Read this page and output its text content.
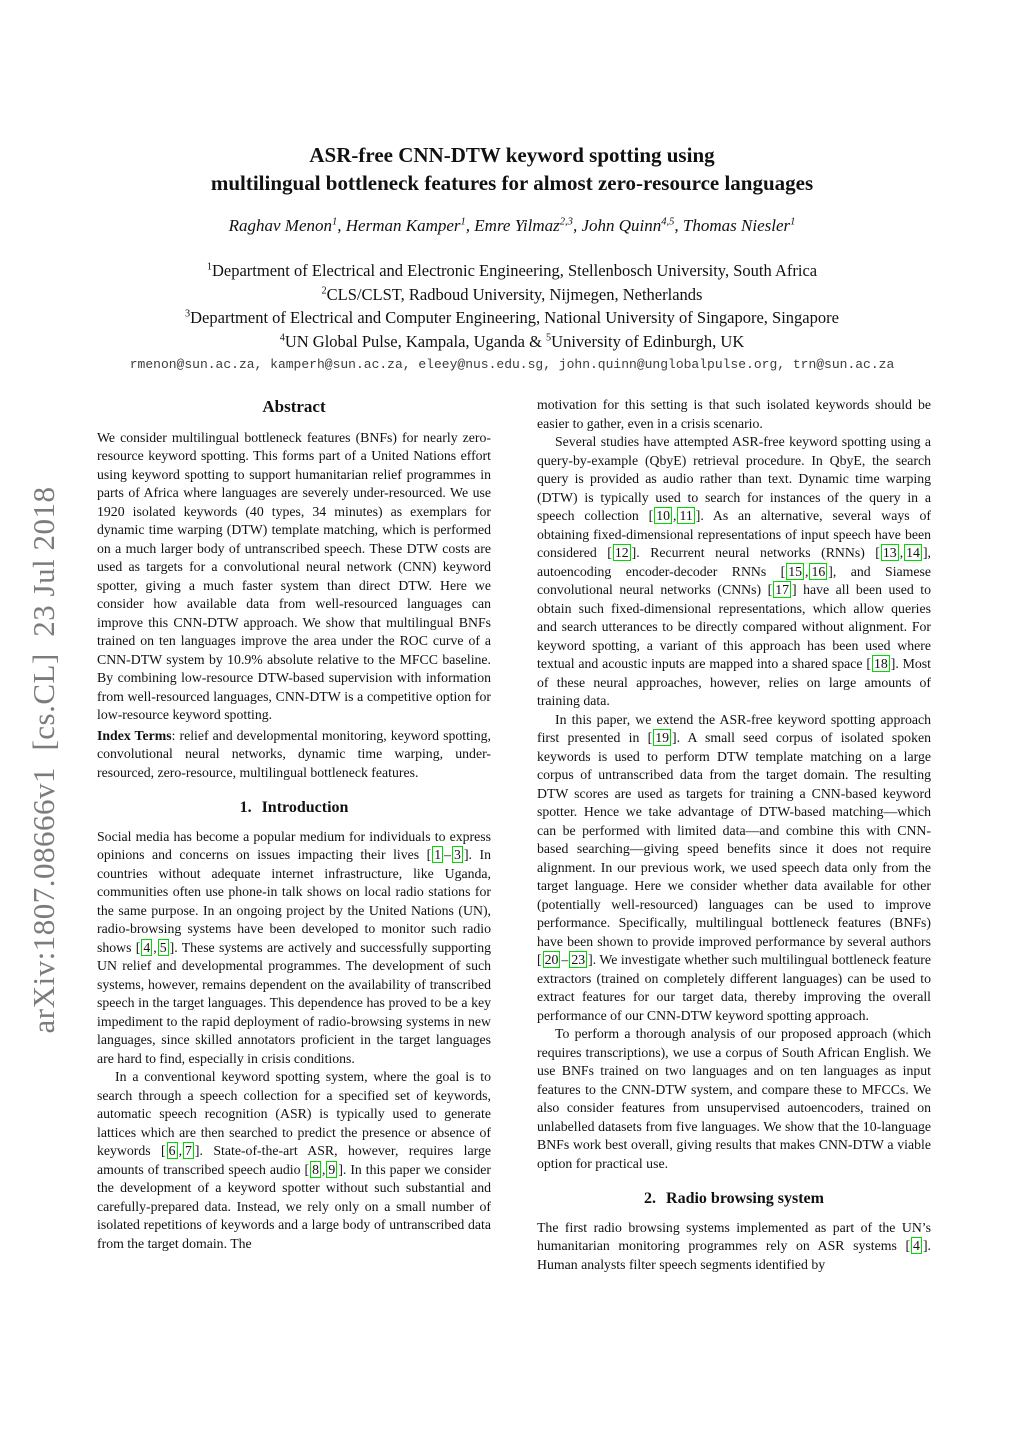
arXiv:1807.08666v1  [cs.CL]  23 Jul 2018
ASR-free CNN-DTW keyword spotting using
multilingual bottleneck features for almost zero-resource languages
Raghav Menon$^1$, Herman Kamper$^1$, Emre Yilmaz$^{2,3}$, John Quinn$^{4,5}$, Thomas Niesler$^1$
$^1$Department of Electrical and Electronic Engineering, Stellenbosch University, South Africa
$^2$CLS/CLST, Radboud University, Nijmegen, Netherlands
$^3$Department of Electrical and Computer Engineering, National University of Singapore, Singapore
$^4$UN Global Pulse, Kampala, Uganda & $^5$University of Edinburgh, UK
rmenon@sun.ac.za, kamperh@sun.ac.za, eleey@nus.edu.sg, john.quinn@unglobalpulse.org, trn@sun.ac.za
Abstract

We consider multilingual bottleneck features (BNFs) for nearly zero-resource keyword spotting. This forms part of a United Nations effort using keyword spotting to support humanitarian relief programmes in parts of Africa where languages are severely under-resourced. We use 1920 isolated keywords (40 types, 34 minutes) as exemplars for dynamic time warping (DTW) template matching, which is performed on a much larger body of untranscribed speech. These DTW costs are used as targets for a convolutional neural network (CNN) keyword spotter, giving a much faster system than direct DTW. Here we consider how available data from well-resourced languages can improve this CNN-DTW approach. We show that multilingual BNFs trained on ten languages improve the area under the ROC curve of a CNN-DTW system by 10.9% absolute relative to the MFCC baseline. By combining low-resource DTW-based supervision with information from well-resourced languages, CNN-DTW is a competitive option for low-resource keyword spotting.

Index Terms: relief and developmental monitoring, keyword spotting, convolutional neural networks, dynamic time warping, under-resourced, zero-resource, multilingual bottleneck features.

1. Introduction

Social media has become a popular medium for individuals to express opinions and concerns on issues impacting their lives [ 1 – 3 ]. In countries without adequate internet infrastructure, like Uganda, communities often use phone-in talk shows on local radio stations for the same purpose. In an ongoing project by the United Nations (UN), radio-browsing systems have been developed to monitor such radio shows [ 4 , 5 ]. These systems are actively and successfully supporting UN relief and developmental programmes. The development of such systems, however, remains dependent on the availability of transcribed speech in the target languages. This dependence has proved to be a key impediment to the rapid deployment of radio-browsing systems in new languages, since skilled annotators proficient in the target languages are hard to find, especially in crisis conditions.

In a conventional keyword spotting system, where the goal is to search through a speech collection for a specified set of keywords, automatic speech recognition (ASR) is typically used to generate lattices which are then searched to predict the presence or absence of keywords [ 6 , 7 ]. State-of-the-art ASR, however, requires large amounts of transcribed speech audio [ 8 , 9 ]. In this paper we consider the development of a keyword spotter without such substantial and carefully-prepared data. Instead, we rely only on a small number of isolated repetitions of keywords and a large body of untranscribed data from the target domain. The

motivation for this setting is that such isolated keywords should be easier to gather, even in a crisis scenario.

Several studies have attempted ASR-free keyword spotting using a query-by-example (QbyE) retrieval procedure. In QbyE, the search query is provided as audio rather than text. Dynamic time warping (DTW) is typically used to search for instances of the query in a speech collection [ 10 , 11 ]. As an alternative, several ways of obtaining fixed-dimensional representations of input speech have been considered [ 12 ]. Recurrent neural networks (RNNs) [ 13 , 14 ], autoencoding encoder-decoder RNNs [ 15 , 16 ], and Siamese convolutional neural networks (CNNs) [ 17 ] have all been used to obtain such fixed-dimensional representations, which allow queries and search utterances to be directly compared without alignment. For keyword spotting, a variant of this approach has been used where textual and acoustic inputs are mapped into a shared space [ 18 ]. Most of these neural approaches, however, relies on large amounts of training data.

In this paper, we extend the ASR-free keyword spotting approach first presented in [ 19 ]. A small seed corpus of isolated spoken keywords is used to perform DTW template matching on a large corpus of untranscribed data from the target domain. The resulting DTW scores are used as targets for training a CNN-based keyword spotter. Hence we take advantage of DTW-based matching—which can be performed with limited data—and combine this with CNN-based searching—giving speed benefits since it does not require alignment. In our previous work, we used speech data only from the target language. Here we consider whether data available for other (potentially well-resourced) languages can be used to improve performance. Specifically, multilingual bottleneck features (BNFs) have been shown to provide improved performance by several authors [ 20 – 23 ]. We investigate whether such multilingual bottleneck feature extractors (trained on completely different languages) can be used to extract features for our target data, thereby improving the overall performance of our CNN-DTW keyword spotting approach.

To perform a thorough analysis of our proposed approach (which requires transcriptions), we use a corpus of South African English. We use BNFs trained on two languages and on ten languages as input features to the CNN-DTW system, and compare these to MFCCs. We also consider features from unsupervised autoencoders, trained on unlabelled datasets from five languages. We show that the 10-language BNFs work best overall, giving results that makes CNN-DTW a viable option for practical use.

2. Radio browsing system

The first radio browsing systems implemented as part of the UN’s humanitarian monitoring programmes rely on ASR systems [ 4 ]. Human analysts filter speech segments identified by
